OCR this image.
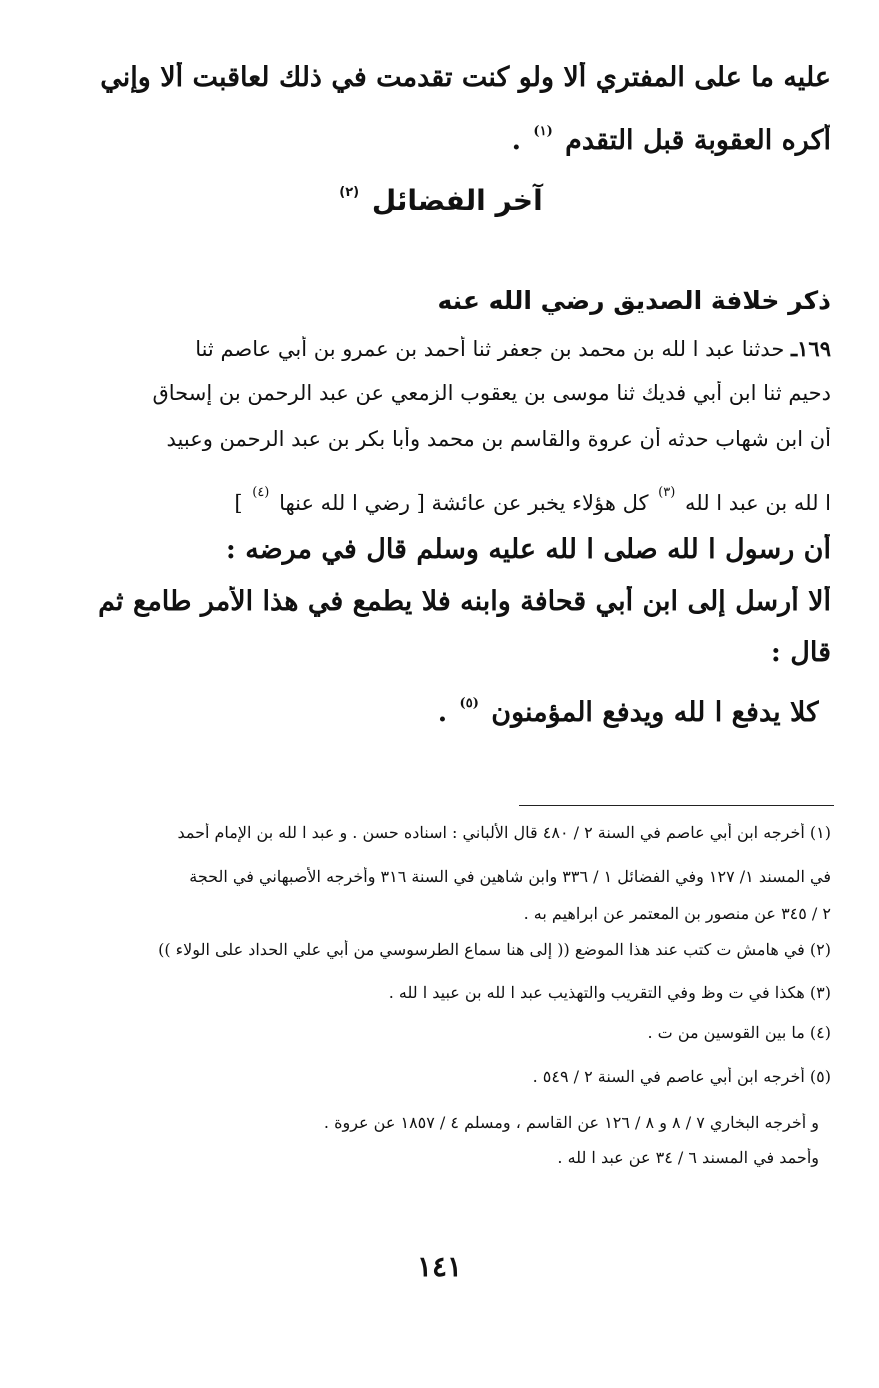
عليه ما على المفتري ألا ولو كنت تقدمت في ذلك لعاقبت ألا وإني
أكره العقوبة قبل التقدم $^{(١)}$ .
آخر الفضائل $^{(٢)}$
ذكر خلافة الصديق رضي الله عنه
١٦٩ـ حدثنا عبد ا لله بن محمد بن جعفر ثنا أحمد بن عمرو بن أبي عاصم ثنا
دحيم ثنا ابن أبي فديك ثنا موسى بن يعقوب الزمعي عن عبد الرحمن بن إسحاق
أن ابن شهاب حدثه أن عروة والقاسم بن محمد وأبا بكر بن عبد الرحمن وعبيد
ا لله بن عبد ا لله $^{(٣)}$ كل هؤلاء يخبر عن عائشة [ رضي ا لله عنها $^{(٤)}$ ]
أن رسول ا لله صلى ا لله عليه وسلم قال في مرضه :
ألا أرسل إلى ابن أبي قحافة وابنه فلا يطمع في هذا الأمر طامع ثم
قال :
كلا يدفع ا لله ويدفع المؤمنون $^{(٥)}$ .
(١) أخرجه ابن أبي عاصم في السنة ٢ / ٤٨٠ قال الألباني : اسناده حسن . و عبد ا لله بن الإمام أحمد
في المسند ١/ ١٢٧ وفي الفضائل ١ / ٣٣٦ وابن شاهين في السنة ٣١٦ وأخرجه الأصبهاني في الحجة
٢ / ٣٤٥ عن منصور بن المعتمر عن ابراهيم به .
(٢) في هامش ت كتب عند هذا الموضع (( إلى هنا سماع الطرسوسي من أبي علي الحداد على الولاء ))
(٣) هكذا في ت وظ وفي التقريب والتهذيب عبد ا لله بن عبيد ا لله .
(٤) ما بين القوسين من ت .
(٥) أخرجه ابن أبي عاصم في السنة ٢ / ٥٤٩ .
و أخرجه البخاري ٧ / ٨ و ٨ / ١٢٦ عن القاسم ، ومسلم ٤ / ١٨٥٧ عن عروة .
وأحمد في المسند ٦ / ٣٤ عن عبد ا لله .
١٤١
